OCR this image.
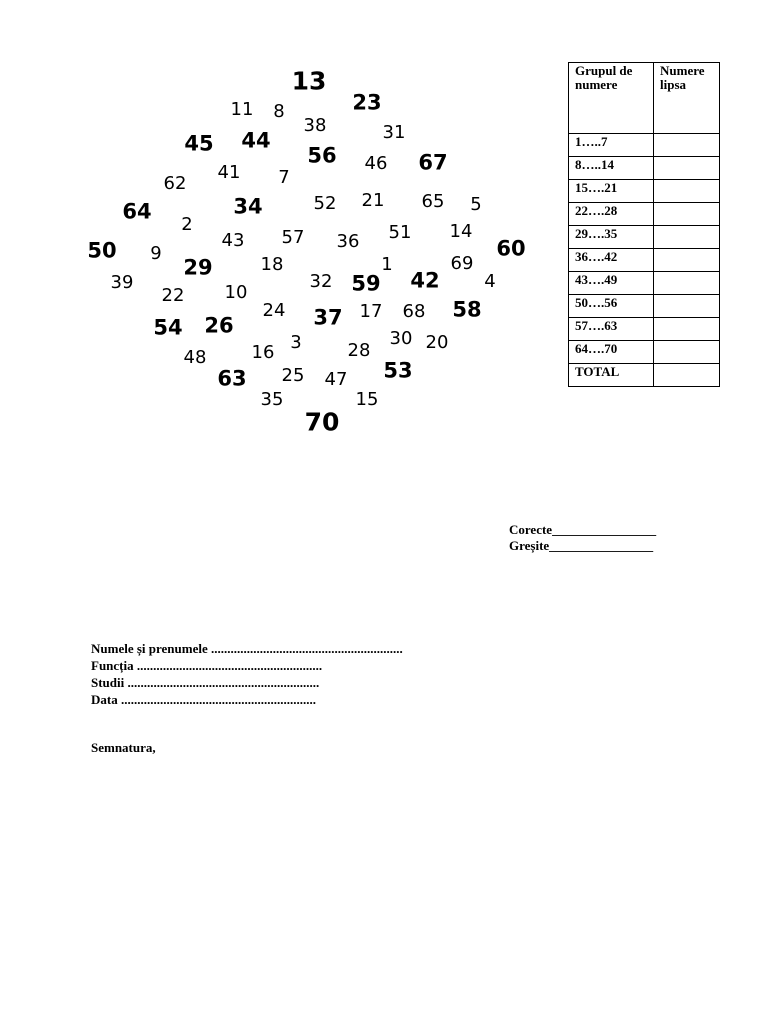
13
11 8	23
38
45 44	31
56 46 67
41 7
62
34	52 21 65 5
64
2
43 57 36 51 14
60
50 9
29	18	1	69
39	32 59 42 4
22 10
24 37 17 68 58
54 26
30 20
16 3	28
48
53
63 25 47
35	15
70
Grupul de numere	Numere lipsa
1…..7	
8…..14	
15….21	
22….28	
29….35	
36….42	
43….49	
50….56	
57….63	
64….70	
TOTAL	
Corecte________________
Greșite________________
Numele și prenumele ...........................................................
Funcția .........................................................
Studii ...........................................................
Data ............................................................
Semnatura,
